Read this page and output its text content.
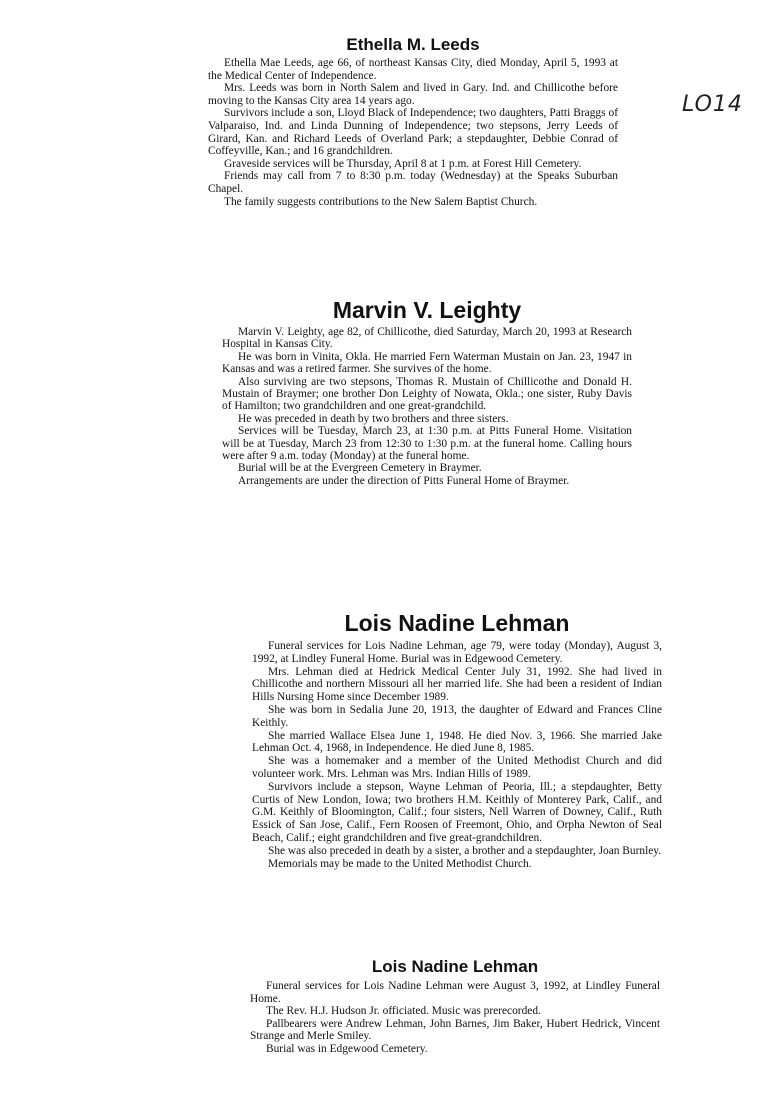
LO14
Ethella M. Leeds

Ethella Mae Leeds, age 66, of northeast Kansas City, died Monday, April 5, 1993 at the Medical Center of Independence.

Mrs. Leeds was born in North Salem and lived in Gary. Ind. and Chillicothe before moving to the Kansas City area 14 years ago.

Survivors include a son, Lloyd Black of Independence; two daughters, Patti Braggs of Valparaiso, Ind. and Linda Dunning of Independence; two stepsons, Jerry Leeds of Girard, Kan. and Richard Leeds of Overland Park; a stepdaughter, Debbie Conrad of Coffeyville, Kan.; and 16 grandchildren.

Graveside services will be Thursday, April 8 at 1 p.m. at Forest Hill Cemetery.

Friends may call from 7 to 8:30 p.m. today (Wednesday) at the Speaks Suburban Chapel.

The family suggests contributions to the New Salem Baptist Church.

Marvin V. Leighty

Marvin V. Leighty, age 82, of Chillicothe, died Saturday, March 20, 1993 at Research Hospital in Kansas City.

He was born in Vinita, Okla. He married Fern Waterman Mustain on Jan. 23, 1947 in Kansas and was a retired farmer. She survives of the home.

Also surviving are two stepsons, Thomas R. Mustain of Chillicothe and Donald H. Mustain of Braymer; one brother Don Leighty of Nowata, Okla.; one sister, Ruby Davis of Hamilton; two grandchildren and one great-grandchild.

He was preceded in death by two brothers and three sisters.

Services will be Tuesday, March 23, at 1:30 p.m. at Pitts Funeral Home. Visitation will be at Tuesday, March 23 from 12:30 to 1:30 p.m. at the funeral home. Calling hours were after 9 a.m. today (Monday) at the funeral home.

Burial will be at the Evergreen Cemetery in Braymer.

Arrangements are under the direction of Pitts Funeral Home of Braymer.

Lois Nadine Lehman

Funeral services for Lois Nadine Lehman, age 79, were today (Monday), August 3, 1992, at Lindley Funeral Home. Burial was in Edgewood Cemetery.

Mrs. Lehman died at Hedrick Medical Center July 31, 1992. She had lived in Chillicothe and northern Missouri all her married life. She had been a resident of Indian Hills Nursing Home since December 1989.

She was born in Sedalia June 20, 1913, the daughter of Edward and Frances Cline Keithly.

She married Wallace Elsea June 1, 1948. He died Nov. 3, 1966. She married Jake Lehman Oct. 4, 1968, in Independence. He died June 8, 1985.

She was a homemaker and a member of the United Methodist Church and did volunteer work. Mrs. Lehman was Mrs. Indian Hills of 1989.

Survivors include a stepson, Wayne Lehman of Peoria, Ill.; a stepdaughter, Betty Curtis of New London, Iowa; two brothers H.M. Keithly of Monterey Park, Calif., and G.M. Keithly of Bloomington, Calif.; four sisters, Nell Warren of Downey, Calif., Ruth Essick of San Jose, Calif., Fern Roosen of Freemont, Ohio, and Orpha Newton of Seal Beach, Calif.; eight grandchildren and five great-grandchildren.

She was also preceded in death by a sister, a brother and a stepdaughter, Joan Burnley.

Memorials may be made to the United Methodist Church.

Lois Nadine Lehman

Funeral services for Lois Nadine Lehman were August 3, 1992, at Lindley Funeral Home.

The Rev. H.J. Hudson Jr. officiated. Music was prerecorded.

Pallbearers were Andrew Lehman, John Barnes, Jim Baker, Hubert Hedrick, Vincent Strange and Merle Smiley.

Burial was in Edgewood Cemetery.
